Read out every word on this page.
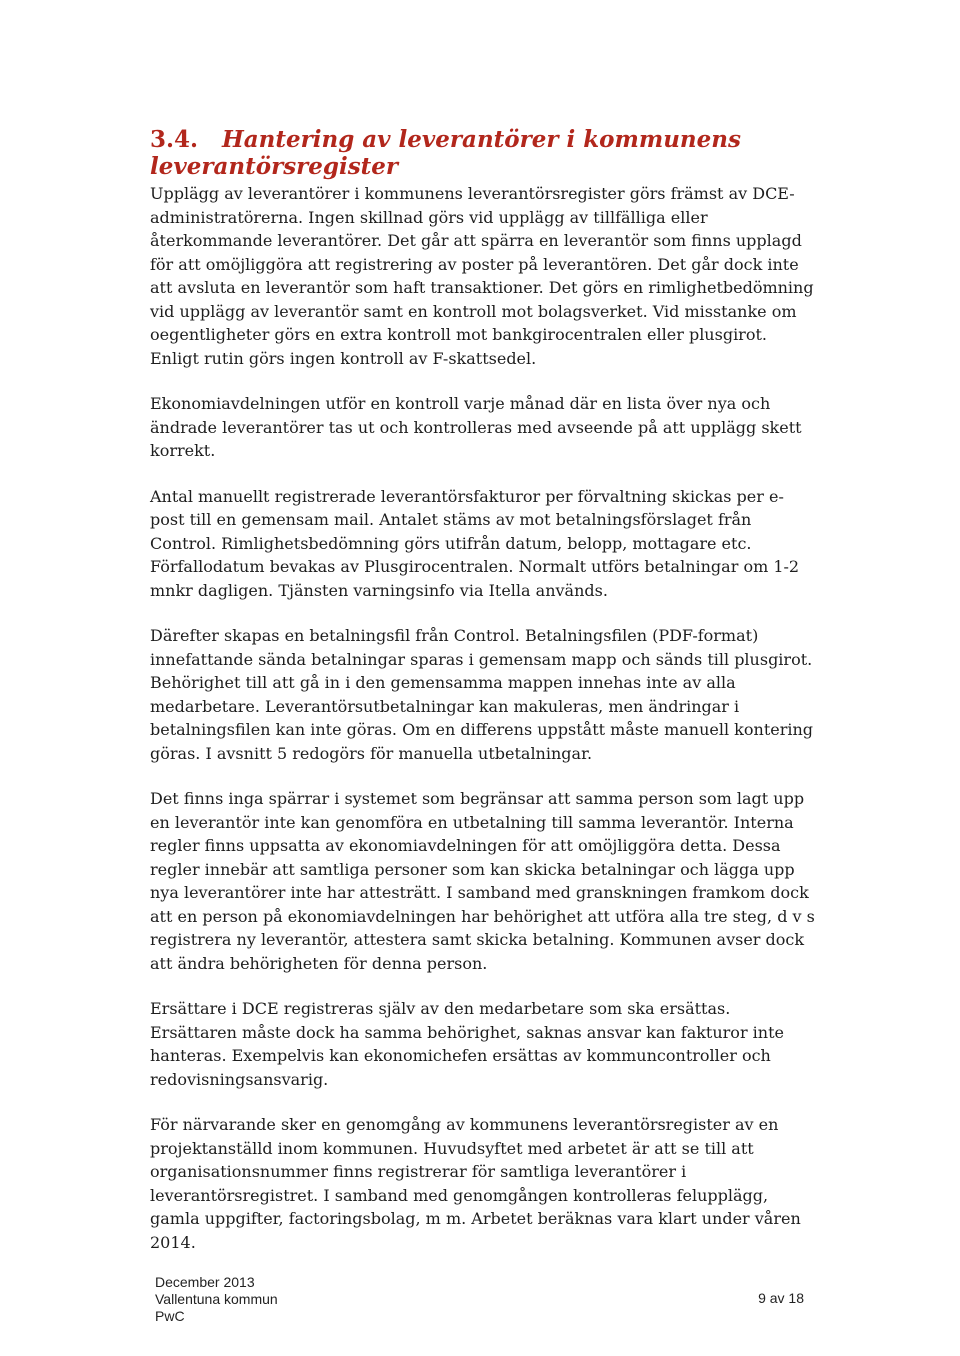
3.4. Hantering av leverantörer i kommunens leverantörsregister

Upplägg av leverantörer i kommunens leverantörsregister görs främst av DCE-administratörerna. Ingen skillnad görs vid upplägg av tillfälliga eller återkommande leverantörer. Det går att spärra en leverantör som finns upplagd för att omöjliggöra att registrering av poster på leverantören. Det går dock inte att avsluta en leverantör som haft transaktioner. Det görs en rimlighetbedömning vid upplägg av leverantör samt en kontroll mot bolagsverket. Vid misstanke om oegentligheter görs en extra kontroll mot bankgirocentralen eller plusgirot. Enligt rutin görs ingen kontroll av F-skattsedel.

Ekonomiavdelningen utför en kontroll varje månad där en lista över nya och ändrade leverantörer tas ut och kontrolleras med avseende på att upplägg skett korrekt.

Antal manuellt registrerade leverantörsfakturor per förvaltning skickas per e-post till en gemensam mail. Antalet stäms av mot betalningsförslaget från Control. Rimlighetsbedömning görs utifrån datum, belopp, mottagare etc. Förfallodatum bevakas av Plusgirocentralen. Normalt utförs betalningar om 1-2 mnkr dagligen. Tjänsten varningsinfo via Itella används.

Därefter skapas en betalningsfil från Control. Betalningsfilen (PDF-format) innefattande sända betalningar sparas i gemensam mapp och sänds till plusgirot. Behörighet till att gå in i den gemensamma mappen innehas inte av alla medarbetare. Leverantörsutbetalningar kan makuleras, men ändringar i betalningsfilen kan inte göras. Om en differens uppstått måste manuell kontering göras. I avsnitt 5 redogörs för manuella utbetalningar.

Det finns inga spärrar i systemet som begränsar att samma person som lagt upp en leverantör inte kan genomföra en utbetalning till samma leverantör. Interna regler finns uppsatta av ekonomiavdelningen för att omöjliggöra detta. Dessa regler innebär att samtliga personer som kan skicka betalningar och lägga upp nya leverantörer inte har attesträtt. I samband med granskningen framkom dock att en person på ekonomiavdelningen har behörighet att utföra alla tre steg, d v s registrera ny leverantör, attestera samt skicka betalning. Kommunen avser dock att ändra behörigheten för denna person.

Ersättare i DCE registreras själv av den medarbetare som ska ersättas. Ersättaren måste dock ha samma behörighet, saknas ansvar kan fakturor inte hanteras. Exempelvis kan ekonomichefen ersättas av kommuncontroller och redovisningsansvarig.

För närvarande sker en genomgång av kommunens leverantörsregister av en projektanställd inom kommunen. Huvudsyftet med arbetet är att se till att organisationsnummer finns registrerar för samtliga leverantörer i leverantörsregistret. I samband med genomgången kontrolleras felupplägg, gamla uppgifter, factoringsbolag, m m. Arbetet beräknas vara klart under våren 2014.

December 2013
Vallentuna kommun
PwC
9 av 18
